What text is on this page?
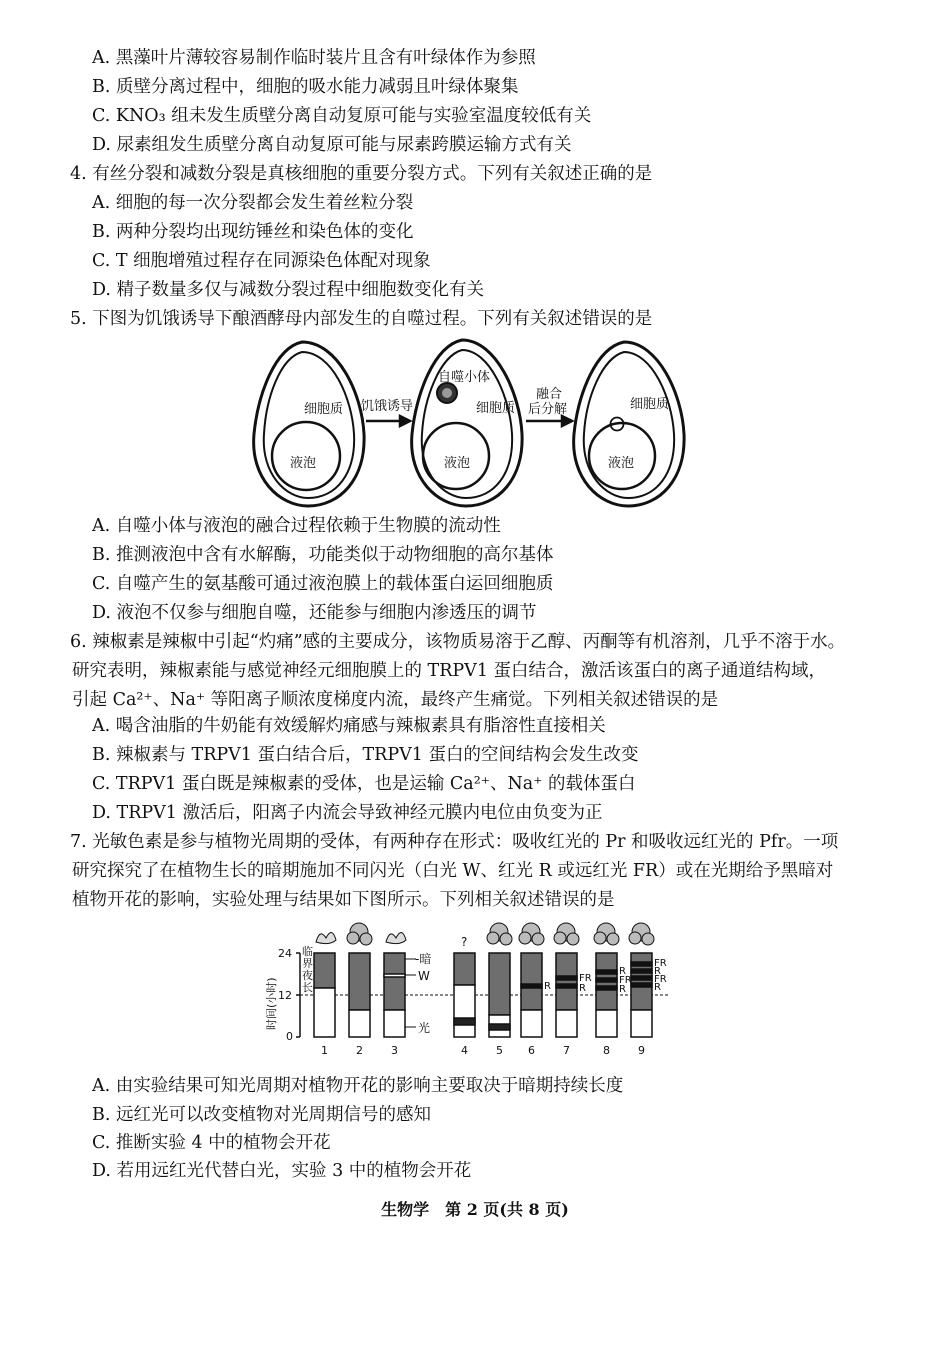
A. 黑藻叶片薄较容易制作临时装片且含有叶绿体作为参照
B. 质壁分离过程中，细胞的吸水能力减弱且叶绿体聚集
C. KNO₃ 组未发生质壁分离自动复原可能与实验室温度较低有关
D. 尿素组发生质壁分离自动复原可能与尿素跨膜运输方式有关
4. 有丝分裂和减数分裂是真核细胞的重要分裂方式。下列有关叙述正确的是
A. 细胞的每一次分裂都会发生着丝粒分裂
B. 两种分裂均出现纺锤丝和染色体的变化
C. T 细胞增殖过程存在同源染色体配对现象
D. 精子数量多仅与减数分裂过程中细胞数变化有关
5. 下图为饥饿诱导下酿酒酵母内部发生的自噬过程。下列有关叙述错误的是
细胞质
液泡
饥饿诱导
自噬小体
细胞质
液泡
融合
后分解	细胞质
液泡
A. 自噬小体与液泡的融合过程依赖于生物膜的流动性
B. 推测液泡中含有水解酶，功能类似于动物细胞的高尔基体
C. 自噬产生的氨基酸可通过液泡膜上的载体蛋白运回细胞质
D. 液泡不仅参与细胞自噬，还能参与细胞内渗透压的调节
6. 辣椒素是辣椒中引起“灼痛”感的主要成分，该物质易溶于乙醇、丙酮等有机溶剂，几乎不溶于水。
研究表明，辣椒素能与感觉神经元细胞膜上的 TRPV1 蛋白结合，激活该蛋白的离子通道结构域，
引起 Ca²⁺、Na⁺ 等阳离子顺浓度梯度内流，最终产生痛觉。下列相关叙述错误的是
A. 喝含油脂的牛奶能有效缓解灼痛感与辣椒素具有脂溶性直接相关
B. 辣椒素与 TRPV1 蛋白结合后，TRPV1 蛋白的空间结构会发生改变
C. TRPV1 蛋白既是辣椒素的受体，也是运输 Ca²⁺、Na⁺ 的载体蛋白
D. TRPV1 激活后，阳离子内流会导致神经元膜内电位由负变为正
7. 光敏色素是参与植物光周期的受体，有两种存在形式：吸收红光的 Pr 和吸收远红光的 Pfr。一项
研究探究了在植物生长的暗期施加不同闪光（白光 W、红光 R 或远红光 FR）或在光期给予黑暗对
植物开花的影响，实验处理与结果如下图所示。下列相关叙述错误的是
24
12
0
时间(小时)
临
界
夜
长
-暗
W
光
?
R
FR
R
R
FR
R
FR
R
FR
R
1	2	3	4	5 6	7	8	9
A. 由实验结果可知光周期对植物开花的影响主要取决于暗期持续长度
B. 远红光可以改变植物对光周期信号的感知
C. 推断实验 4 中的植物会开花
D. 若用远红光代替白光，实验 3 中的植物会开花
生物学　第 2 页(共 8 页)
